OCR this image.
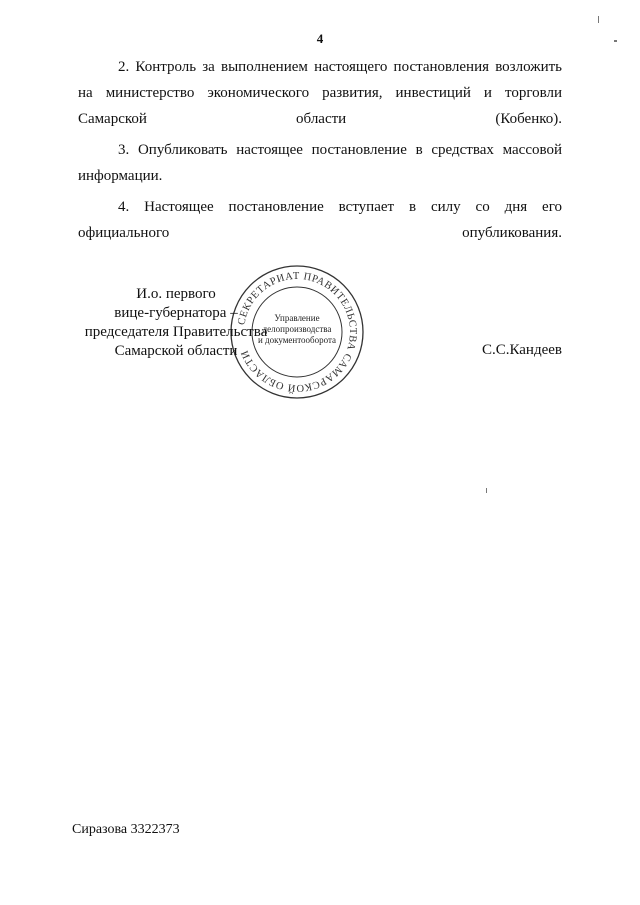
4

2. Контроль за выполнением настоящего постановления возложить на министерство экономического развития, инвестиций и торговли
Самарской области (Кобенко).

3. Опубликовать настоящее постановление в средствах массовой
информации.

4. Настоящее постановление вступает в силу со дня его
официального опубликования.

СЕКРЕТАРИАТ ПРАВИТЕЛЬСТВА САМАРСКОЙ ОБЛАСТИ
Управление
делопроизводства
и документооборота
И.о. первого
вице-губернатора –
председателя Правительства
Самарской области	С.С.Кандеев
Сиразова 3322373
